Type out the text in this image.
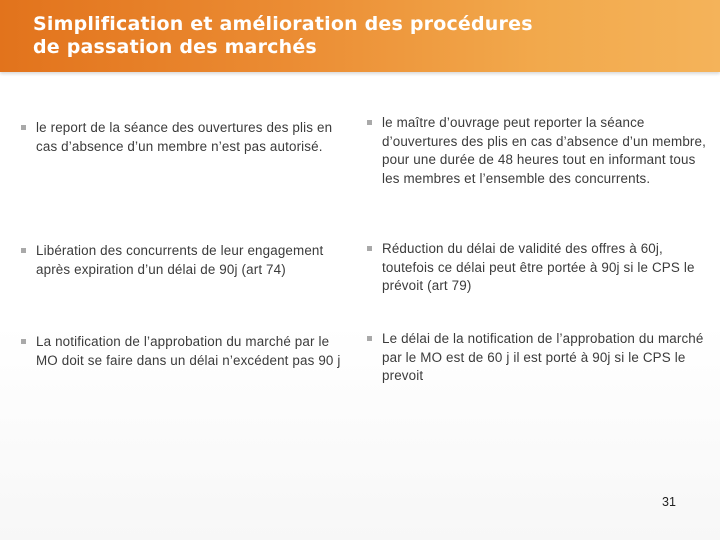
Simplification et amélioration des procédures
de passation des marchés
le report de la séance des ouvertures des plis en cas d’absence d’un membre n’est pas autorisé.
Libération des concurrents de leur engagement après expiration d’un délai de 90j (art 74)
La notification de l’approbation du marché par le MO doit se faire dans un délai n’excédent pas 90 j
le maître d’ouvrage peut reporter la séance d’ouvertures des plis en cas d’absence d’un membre, pour une durée de 48 heures tout en informant tous les membres et l’ensemble des concurrents.
Réduction du délai de validité des offres à 60j, toutefois ce délai peut être portée à 90j si le CPS le prévoit (art 79)
Le délai de la notification de l’approbation du marché par le MO est de 60 j il est porté à 90j si le CPS le prevoit
31
